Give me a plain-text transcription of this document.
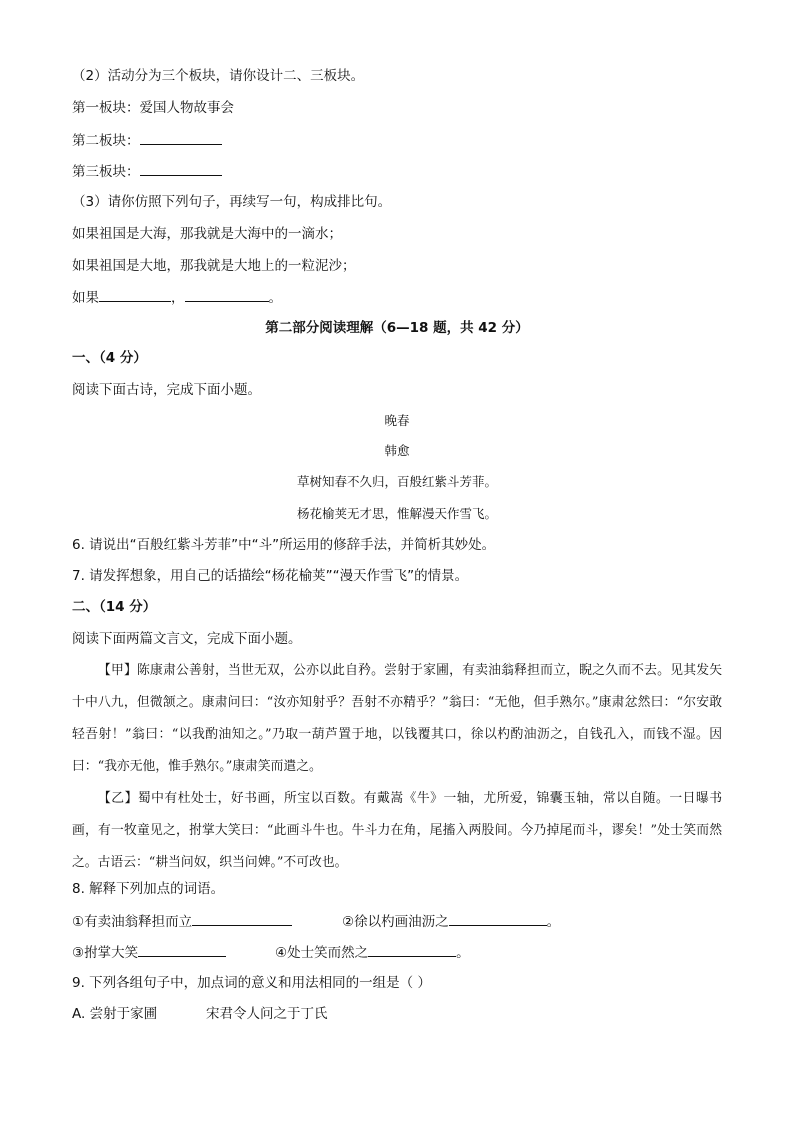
（2）活动分为三个板块，请你设计二、三板块。
第一板块：爱国人物故事会
第二板块：
第三板块：
（3）请你仿照下列句子，再续写一句，构成排比句。
如果祖国是大海，那我就是大海中的一滴水；
如果祖国是大地，那我就是大地上的一粒泥沙；
如果	，	。
第二部分阅读理解（6—18 题，共 42 分）
一、（4 分）
阅读下面古诗，完成下面小题。
晚春
韩愈
草树知春不久归，百般红紫斗芳菲。
杨花榆荚无才思，惟解漫天作雪飞。
6. 请说出“百般红紫斗芳菲”中“斗”所运用的修辞手法，并简析其妙处。
7. 请发挥想象，用自己的话描绘“杨花榆荚”“漫天作雪飞”的情景。
二、（14 分）
阅读下面两篇文言文，完成下面小题。
【甲】陈康肃公善射，当世无双，公亦以此自矜。尝射于家圃，有卖油翁释担而立，睨之久而不去。见其发矢十中八九，但微颔之。康肃问曰：“汝亦知射乎？吾射不亦精乎？”翁曰：“无他，但手熟尔。”康肃忿然曰：“尔安敢轻吾射！”翁曰：“以我酌油知之。”乃取一葫芦置于地，以钱覆其口，徐以杓酌油沥之，自钱孔入，而钱不湿。因曰：“我亦无他，惟手熟尔。”康肃笑而遣之。
【乙】蜀中有杜处士，好书画，所宝以百数。有戴嵩《牛》一轴，尤所爱，锦囊玉轴，常以自随。一日曝书画，有一牧童见之，拊掌大笑曰：“此画斗牛也。牛斗力在角，尾搐入两股间。今乃掉尾而斗，谬矣！”处士笑而然之。古语云：“耕当问奴，织当问婢。”不可改也。
8. 解释下列加点的词语。
①有卖油翁释担而立	②徐以杓画油沥之	。
③拊掌大笑	④处士笑而然之	。
9. 下列各组句子中，加点词的意义和用法相同的一组是（ ）
A. 尝射于家圃	宋君令人问之于丁氏
